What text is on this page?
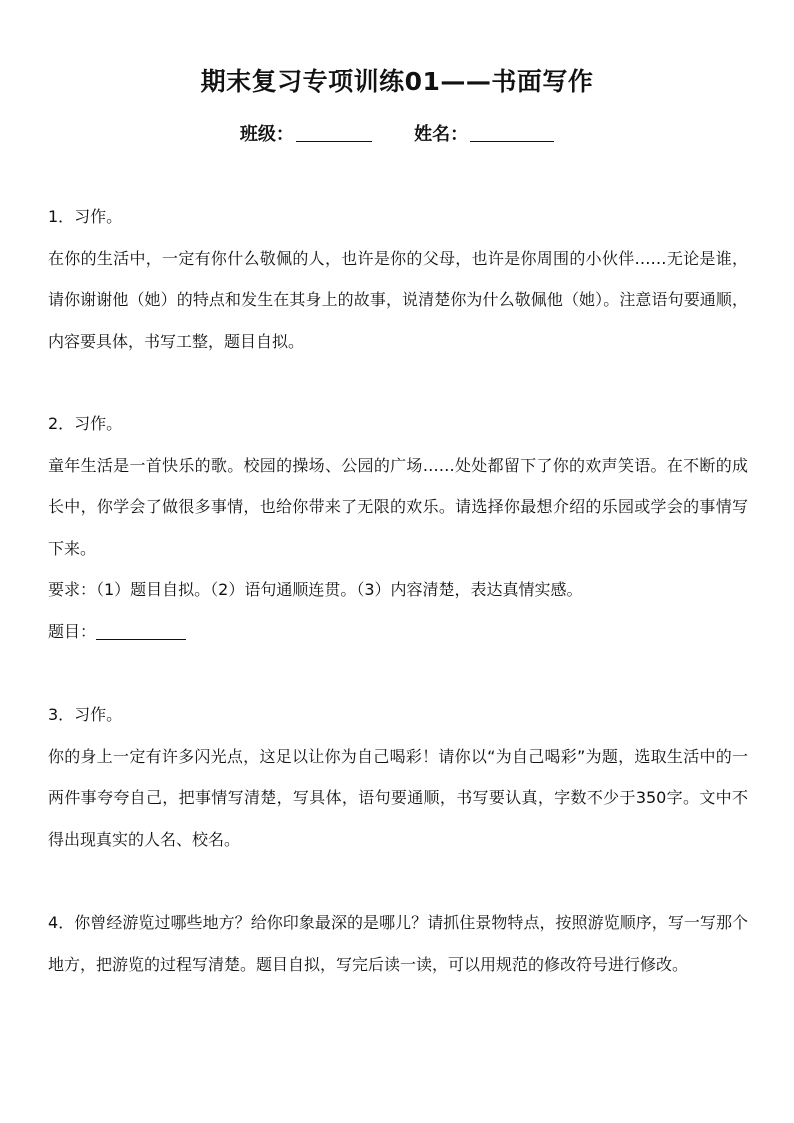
期末复习专项训练01——书面写作
班级：	姓名：
1．习作。

在你的生活中，一定有你什么敬佩的人，也许是你的父母，也许是你周围的小伙伴……无论是谁，请你谢谢他（她）的特点和发生在其身上的故事，说清楚你为什么敬佩他（她）。注意语句要通顺，内容要具体，书写工整，题目自拟。

2．习作。

童年生活是一首快乐的歌。校园的操场、公园的广场……处处都留下了你的欢声笑语。在不断的成长中，你学会了做很多事情，也给你带来了无限的欢乐。请选择你最想介绍的乐园或学会的事情写下来。

要求：（1）题目自拟。（2）语句通顺连贯。（3）内容清楚，表达真情实感。

题目：

3．习作。

你的身上一定有许多闪光点，这足以让你为自己喝彩！请你以“为自己喝彩”为题，选取生活中的一两件事夸夸自己，把事情写清楚，写具体，语句要通顺，书写要认真，字数不少于350字。文中不得出现真实的人名、校名。

4．你曾经游览过哪些地方？给你印象最深的是哪儿？请抓住景物特点，按照游览顺序，写一写那个地方，把游览的过程写清楚。题目自拟，写完后读一读，可以用规范的修改符号进行修改。
